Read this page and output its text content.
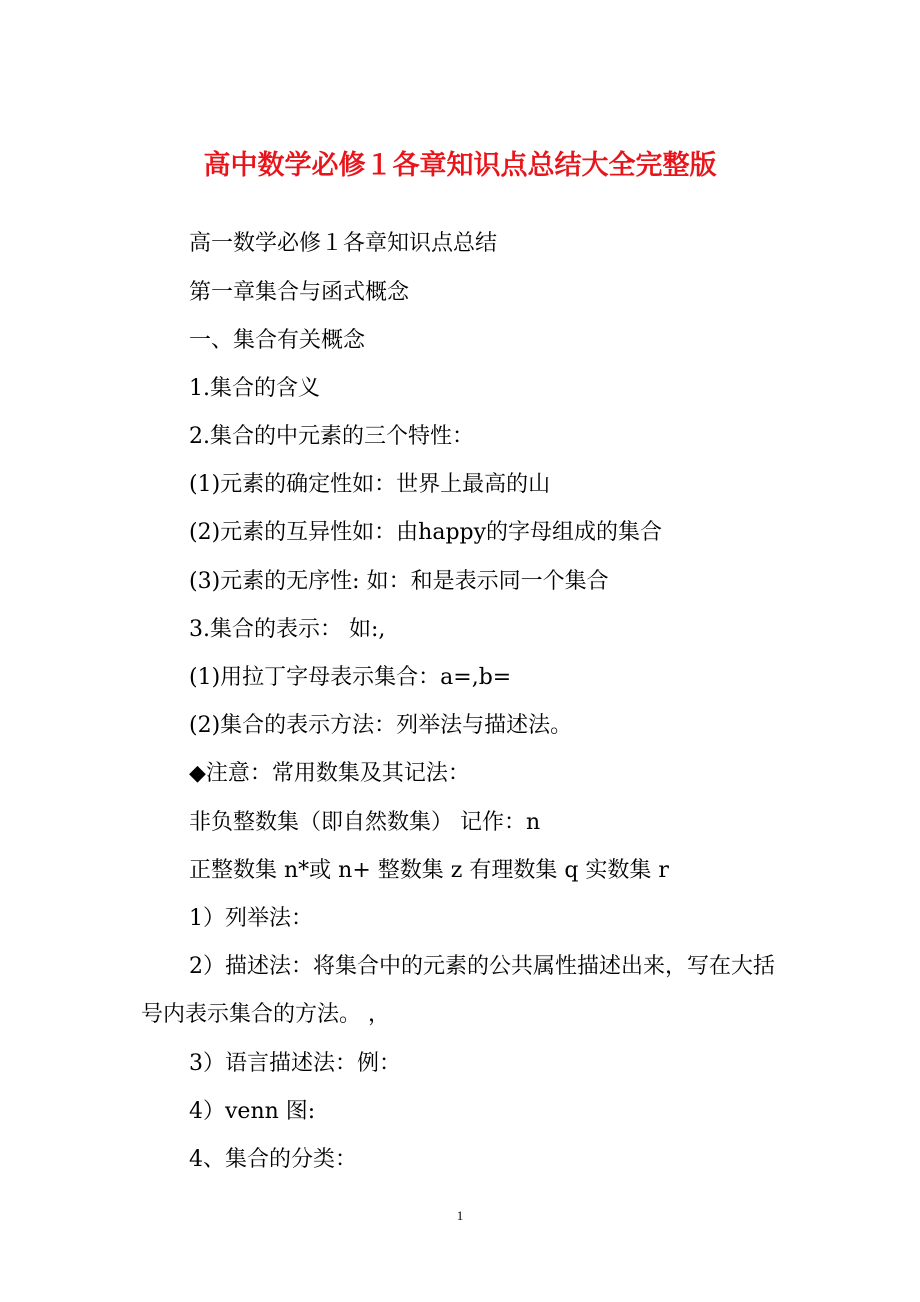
高中数学必修１各章知识点总结大全完整版

高一数学必修１各章知识点总结

第一章集合与函式概念

一、集合有关概念

1.集合的含义

2.集合的中元素的三个特性：

(1)元素的确定性如：世界上最高的山

(2)元素的互异性如：由happy的字母组成的集合

(3)元素的无序性: 如：和是表示同一个集合

3.集合的表示： 如:,

(1)用拉丁字母表示集合：a=,b=

(2)集合的表示方法：列举法与描述法。

◆注意：常用数集及其记法：

非负整数集（即自然数集） 记作：n

正整数集 n*或 n+ 整数集 z 有理数集 q 实数集 r

1）列举法：

2）描述法：将集合中的元素的公共属性描述出来，写在大括号内表示集合的方法。 ，

3）语言描述法：例：

4）venn 图:

4、集合的分类：

1
